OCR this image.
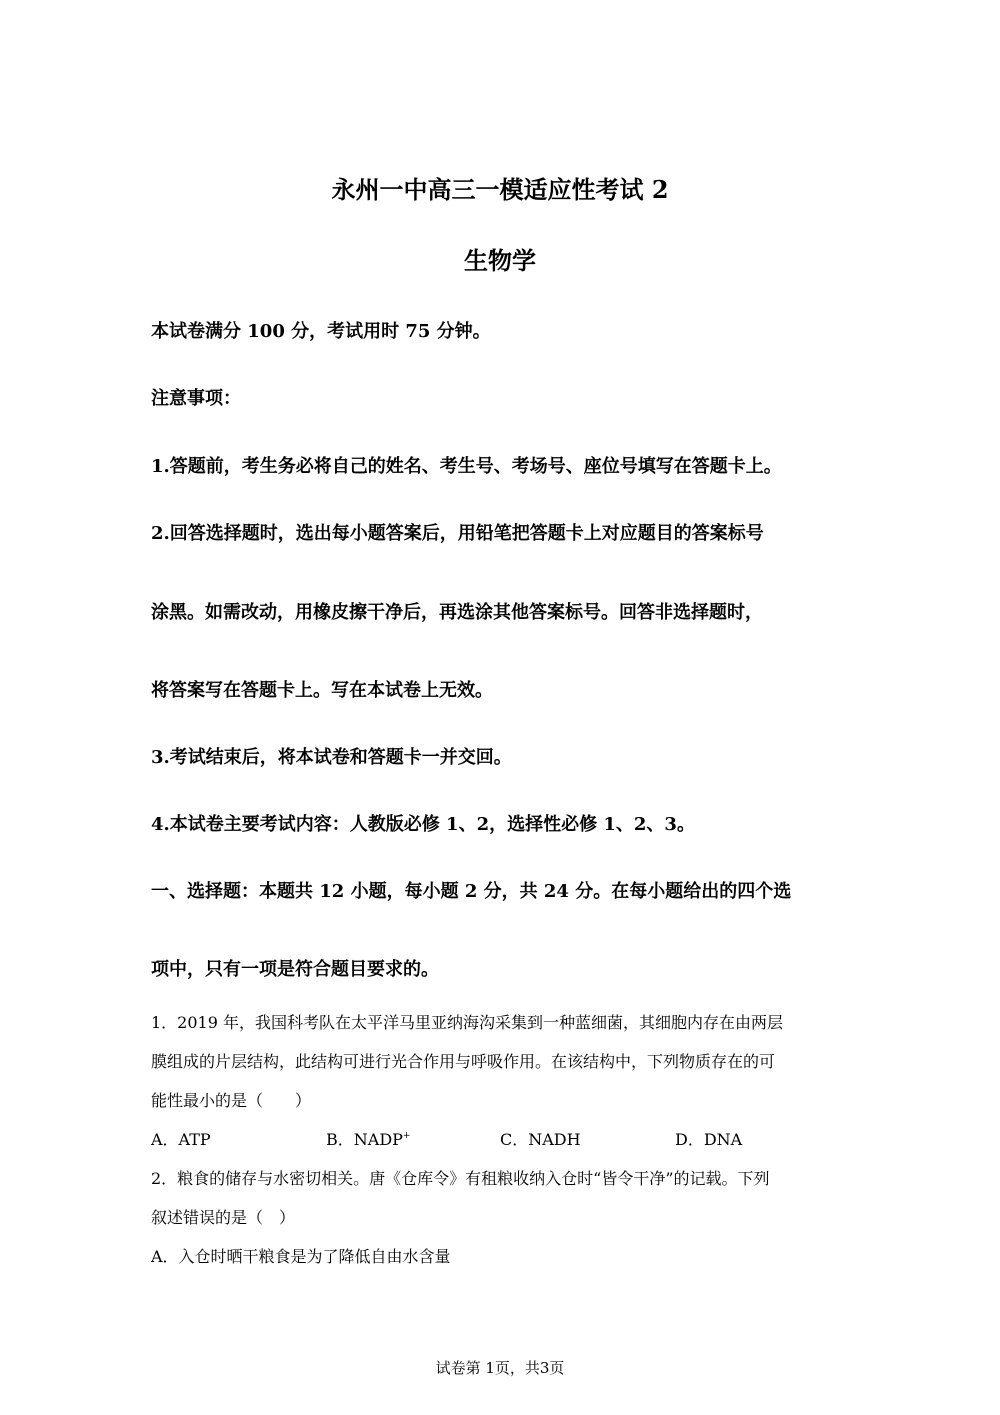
永州一中高三一模适应性考试 2
生物学
本试卷满分 100 分，考试用时 75 分钟。
注意事项：
1.答题前，考生务必将自己的姓名、考生号、考场号、座位号填写在答题卡上。
2.回答选择题时，选出每小题答案后，用铅笔把答题卡上对应题目的答案标号
涂黑。如需改动，用橡皮擦干净后，再选涂其他答案标号。回答非选择题时，
将答案写在答题卡上。写在本试卷上无效。
3.考试结束后，将本试卷和答题卡一并交回。
4.本试卷主要考试内容：人教版必修 1、2，选择性必修 1、2、3。
一、选择题：本题共 12 小题，每小题 2 分，共 24 分。在每小题给出的四个选
项中，只有一项是符合题目要求的。
1．2019 年，我国科考队在太平洋马里亚纳海沟采集到一种蓝细菌，其细胞内存在由两层
膜组成的片层结构，此结构可进行光合作用与呼吸作用。在该结构中，下列物质存在的可
能性最小的是（　　）
A．ATP	B．NADP+	C．NADH	D．DNA
2．粮食的储存与水密切相关。唐《仓库令》有租粮收纳入仓时“皆令干净”的记载。下列
叙述错误的是（　）
A．入仓时晒干粮食是为了降低自由水含量
试卷第 1页，共3页
